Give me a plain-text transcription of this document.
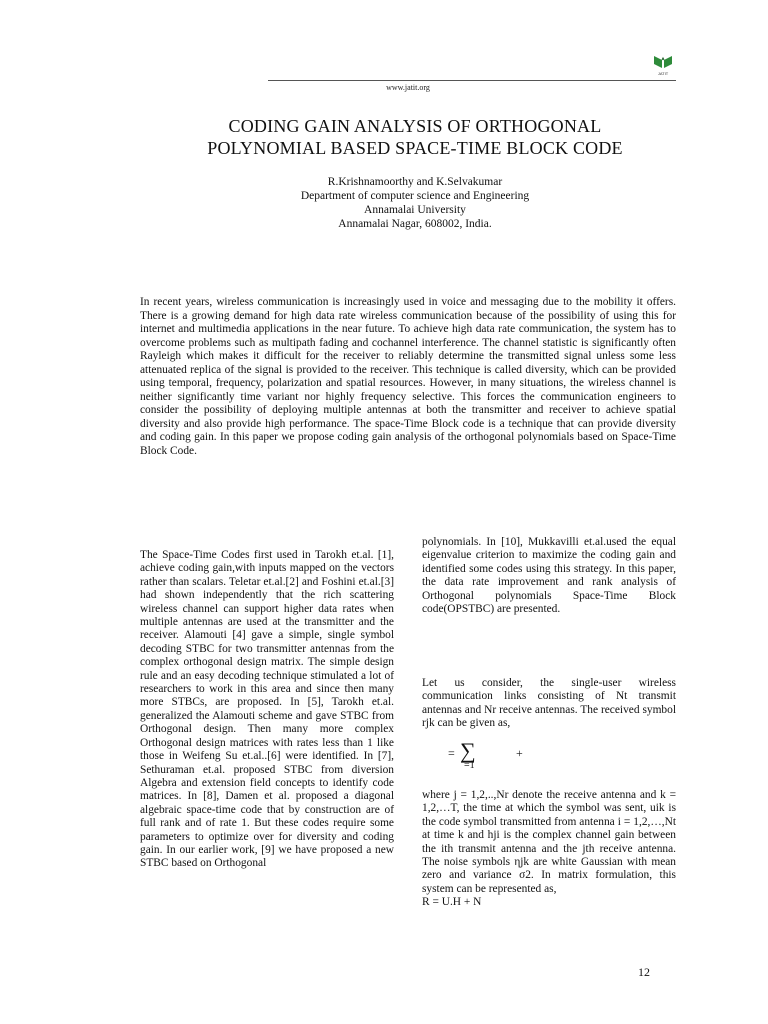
JATIT
www.jatit.org
CODING GAIN ANALYSIS OF ORTHOGONAL
POLYNOMIAL BASED SPACE-TIME BLOCK CODE
R.Krishnamoorthy and K.Selvakumar
Department of computer science and Engineering
Annamalai University
Annamalai Nagar, 608002, India.

In recent years, wireless communication is increasingly used in voice and messaging due to the mobility it offers. There is a growing demand for high data rate wireless communication because of the possibility of using this for internet and multimedia applications in the near future. To achieve high data rate communication, the system has to overcome problems such as multipath fading and cochannel interference. The channel statistic is significantly often Rayleigh which makes it difficult for the receiver to reliably determine the transmitted signal unless some less attenuated replica of the signal is provided to the receiver. This technique is called diversity, which can be provided using temporal, frequency, polarization and spatial resources. However, in many situations, the wireless channel is neither significantly time variant nor highly frequency selective. This forces the communication engineers to consider the possibility of deploying multiple antennas at both the transmitter and receiver to achieve spatial diversity and also provide high performance. The space-Time Block code is a technique that can provide diversity and coding gain. In this paper we propose coding gain analysis of the orthogonal polynomials based on Space-Time Block Code.

The Space-Time Codes first used in Tarokh et.al. [1], achieve coding gain,with inputs mapped on the vectors rather than scalars. Teletar et.al.[2] and Foshini et.al.[3] had shown independently that the rich scattering wireless channel can support higher data rates when multiple antennas are used at the transmitter and the receiver. Alamouti [4] gave a simple, single symbol decoding STBC for two transmitter antennas from the complex orthogonal design matrix. The simple design rule and an easy decoding technique stimulated a lot of researchers to work in this area and since then many more STBCs, are proposed. In [5], Tarokh et.al. generalized the Alamouti scheme and gave STBC from Orthogonal design. Then many more complex Orthogonal design matrices with rates less than 1 like those in Weifeng Su et.al..[6] were identified. In [7], Sethuraman et.al. proposed STBC from diversion Algebra and extension field concepts to identify code matrices. In [8], Damen et al. proposed a diagonal algebraic space-time code that by construction are of full rank and of rate 1. But these codes require some parameters to optimize over for diversity and coding gain. In our earlier work, [9] we have proposed a new STBC based on Orthogonal

polynomials. In [10], Mukkavilli et.al.used the equal eigenvalue criterion to maximize the coding gain and identified some codes using this strategy. In this paper, the data rate improvement and rank analysis of Orthogonal polynomials Space-Time Block code(OPSTBC) are presented.

Let us consider, the single-user wireless communication links consisting of Nt transmit antennas and Nr receive antennas. The received symbol rjk can be given as,

= ∑
=1
+

where j = 1,2,..,Nr denote the receive antenna and k = 1,2,…T, the time at which the symbol was sent, uik is the code symbol transmitted from antenna i = 1,2,…,Nt at time k and hji is the complex channel gain between the ith transmit antenna and the jth receive antenna. The noise symbols ηjk are white Gaussian with mean zero and variance σ2. In matrix formulation, this system can be represented as,

R = U.H + N

12
